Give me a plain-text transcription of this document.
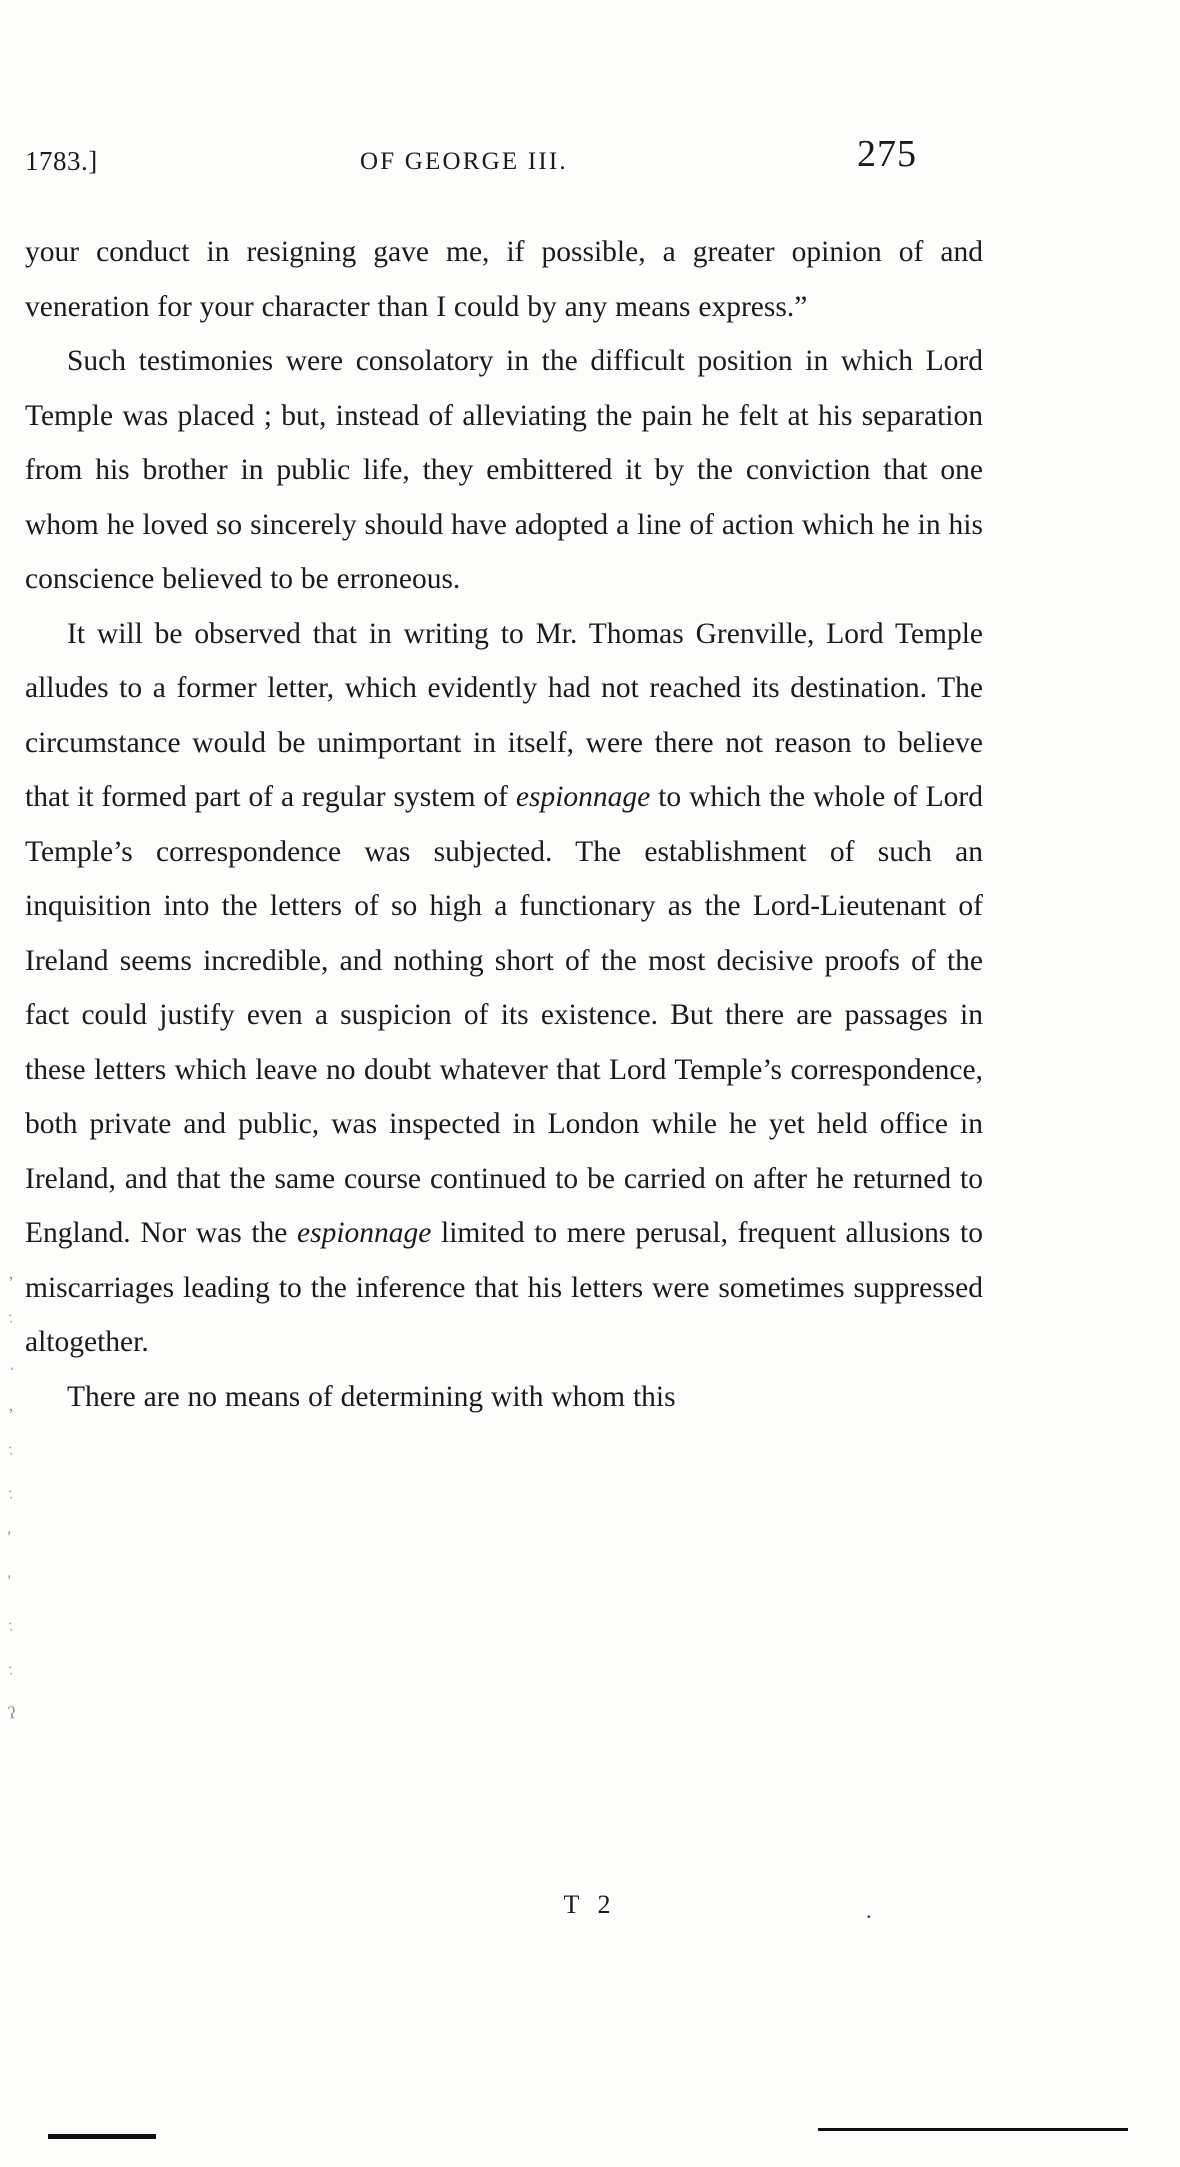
1783.]	OF GEORGE III.	275

your conduct in resigning gave me, if possible, a greater opinion of and veneration for your character than I could by any means express.”

Such testimonies were consolatory in the difficult position in which Lord Temple was placed ; but, instead of alleviating the pain he felt at his separation from his brother in public life, they embittered it by the conviction that one whom he loved so sincerely should have adopted a line of action which he in his conscience believed to be erroneous.

It will be observed that in writing to Mr. Thomas Grenville, Lord Temple alludes to a former letter, which evidently had not reached its destination. The circumstance would be unimportant in itself, were there not reason to believe that it formed part of a regular system of espionnage to which the whole of Lord Temple’s correspondence was subjected. The establishment of such an inquisition into the letters of so high a functionary as the Lord-Lieutenant of Ireland seems incredible, and nothing short of the most decisive proofs of the fact could justify even a suspicion of its existence. But there are passages in these letters which leave no doubt whatever that Lord Temple’s correspondence, both private and public, was inspected in London while he yet held office in Ireland, and that the same course continued to be carried on after he returned to England. Nor was the espionnage limited to mere perusal, frequent allusions to miscarriages leading to the inference that his letters were sometimes suppressed altogether.

There are no means of determining with whom this

T 2	.
,
ː
͵
,
ː
ː
′
′
ː
ː
ʔ
